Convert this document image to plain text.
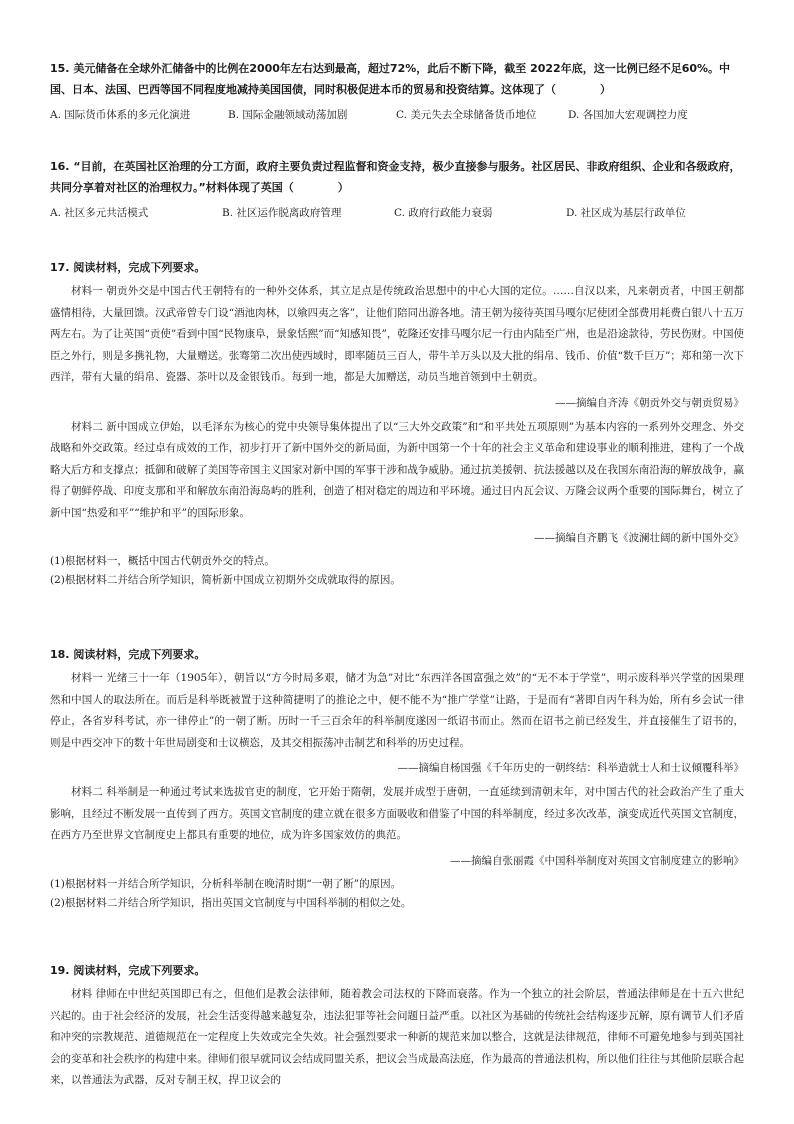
15. 美元储备在全球外汇储备中的比例在2000年左右达到最高，超过72%，此后不断下降，截至 2022年底，这一比例已经不足60%。中国、日本、法国、巴西等国不同程度地减持美国国债，同时积极促进本币的贸易和投资结算。这体现了（　　　　）

A. 国际货币体系的多元化演进	B. 国际金融领域动荡加剧	C. 美元失去全球储备货币地位	D. 各国加大宏观调控力度

16. “目前，在英国社区治理的分工方面，政府主要负责过程监督和资金支持，极少直接参与服务。社区居民、非政府组织、企业和各级政府，共同分享着对社区的治理权力。”材料体现了英国（　　　　）

A. 社区多元共活模式	B. 社区运作脱离政府管理	C. 政府行政能力衰弱	D. 社区成为基层行政单位

17. 阅读材料，完成下列要求。

材料一 朝贡外交是中国古代王朝特有的一种外交体系，其立足点是传统政治思想中的中心大国的定位。……自汉以来，凡来朝贡者，中国王朝都盛情相待，大量回馈。汉武帝曾专门设“酒池肉林，以飨四夷之客”，让他们陪同出游各地。清王朝为接待英国马嘎尔尼使团全部费用耗费白银八十五万两左右。为了让英国“贡使”看到中国“民物康阜，景象恬熙”而“知感知畏”，乾隆还安排马嘎尔尼一行由内陆至广州，也是沿途款待，劳民伤财。中国使臣之外行，则是多携礼物，大量赠送。张骞第二次出使西域时，即率随员三百人，带牛羊万头以及大批的绢帛、钱币、价值“数千巨万”；郑和第一次下西洋，带有大量的绢帛、瓷器、茶叶以及金银钱币。每到一地，都是大加赠送，动员当地首领到中土朝贡。

——摘编自齐涛《朝贡外交与朝贡贸易》

材料二 新中国成立伊始，以毛泽东为核心的党中央领导集体提出了以“三大外交政策”和“和平共处五项原则”为基本内容的一系列外交理念、外交战略和外交政策。经过卓有成效的工作，初步打开了新中国外交的新局面，为新中国第一个十年的社会主义革命和建设事业的顺利推进，建构了一个战略大后方和支撑点；抵御和破解了美国等帝国主义国家对新中国的军事干涉和战争威胁。通过抗美援朝、抗法援越以及在我国东南沿海的解放战争，赢得了朝鲜停战、印度支那和平和解放东南沿海岛屿的胜利，创造了相对稳定的周边和平环境。通过日内瓦会议、万隆会议两个重要的国际舞台，树立了新中国“热爱和平”“维护和平”的国际形象。

——摘编自齐鹏飞《波澜壮阔的新中国外交》

(1)根据材料一，概括中国古代朝贡外交的特点。

(2)根据材料二并结合所学知识，简析新中国成立初期外交成就取得的原因。

18. 阅读材料，完成下列要求。

材料一 光绪三十一年（1905年），朝旨以“方今时局多艰，储才为急”对比“东西洋各国富强之效”的“无不本于学堂”，明示废科举兴学堂的因果理然和中国人的取法所在。而后是科举既被置于这种简捷明了的推论之中，便不能不为“推广学堂”让路，于是而有“著即自丙午科为始，所有乡会试一律停止，各省岁科考试，亦一律停止”的一朝了断。历时一千三百余年的科举制度遂因一纸诏书而止。然而在诏书之前已经发生，并直接催生了诏书的，则是中西交冲下的数十年世局剧变和士议横恣，及其交相振荡冲击制艺和科举的历史过程。

——摘编自杨国强《千年历史的一朝终结：科举造就士人和士议倾覆科举》

材料二 科举制是一种通过考试来选拔官吏的制度，它开始于隋朝，发展并成型于唐朝，一直延续到清朝末年，对中国古代的社会政治产生了重大影响，且经过不断发展一直传到了西方。英国文官制度的建立就在很多方面吸收和借鉴了中国的科举制度，经过多次改革，演变成近代英国文官制度，在西方乃至世界文官制度史上都具有重要的地位，成为许多国家效仿的典范。

——摘编自张丽霞《中国科举制度对英国文官制度建立的影响》

(1)根据材料一并结合所学知识，分析科举制在晚清时期“一朝了断”的原因。

(2)根据材料二并结合所学知识，指出英国文官制度与中国科举制的相似之处。

19. 阅读材料，完成下列要求。

材料 律师在中世纪英国即已有之，但他们是教会法律师，随着教会司法权的下降而衰落。作为一个独立的社会阶层，普通法律师是在十五六世纪兴起的。由于社会经济的发展，社会生活变得越来越复杂，违法犯罪等社会问题日益严重。以社区为基础的传统社会结构逐步瓦解，原有调节人们矛盾和冲突的宗教规范、道德规范在一定程度上失效或完全失效。社会强烈要求一种新的规范来加以整合，这就是法律规范，律师不可避免地参与到英国社会的变革和社会秩序的构建中来。律师们很早就同议会结成同盟关系，把议会当成最高法庭，作为最高的普通法机构，所以他们往往与其他阶层联合起来，以普通法为武器，反对专制王权，捍卫议会的
